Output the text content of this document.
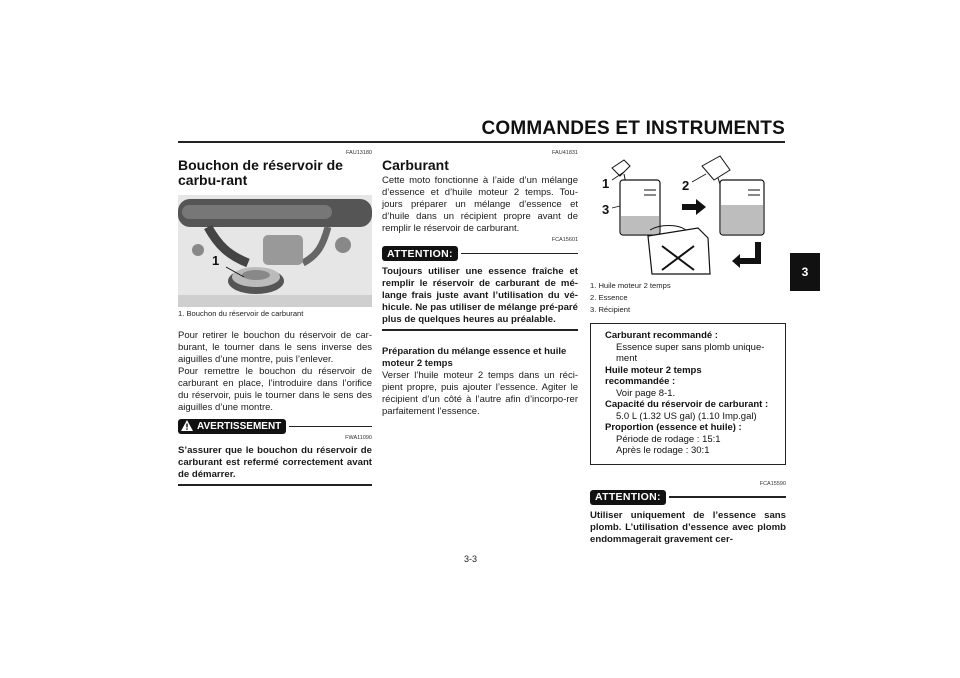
COMMANDES ET INSTRUMENTS
3
FAU13180
Bouchon de réservoir de carbu-rant
1
1. Bouchon du réservoir de carburant
Pour retirer le bouchon du réservoir de car-burant, le tourner dans le sens inverse des aiguilles d’une montre, puis l’enlever.
Pour remettre le bouchon du réservoir de carburant en place, l’introduire dans l’orifice du réservoir, puis le tourner dans le sens des aiguilles d’une montre.
AVERTISSEMENT
FWA11090
S’assurer que le bouchon du réservoir de carburant est refermé correctement avant de démarrer.
FAU41831
Carburant
Cette moto fonctionne à l’aide d’un mélange d’essence et d’huile moteur 2 temps. Tou-jours préparer un mélange d’essence et d’huile dans un récipient propre avant de remplir le réservoir de carburant.
FCA15601
ATTENTION:
Toujours utiliser une essence fraîche et remplir le réservoir de carburant de mé-lange frais juste avant l’utilisation du vé-hicule. Ne pas utiliser de mélange pré-paré plus de quelques heures au préalable.
Préparation du mélange essence et huile moteur 2 temps
Verser l’huile moteur 2 temps dans un réci-pient propre, puis ajouter l’essence. Agiter le récipient d’un côté à l’autre afin d’incorpo-rer parfaitement l’essence.
1	2
3
1. Huile moteur 2 temps
2. Essence
3. Récipient
Carburant recommandé :
Essence super sans plomb unique-ment
Huile moteur 2 temps recommandée :
Voir page 8-1.
Capacité du réservoir de carburant :
5.0 L (1.32 US gal) (1.10 Imp.gal)
Proportion (essence et huile) :
Période de rodage : 15:1
Après le rodage : 30:1
FCA15590
ATTENTION:
Utiliser uniquement de l’essence sans plomb. L’utilisation d’essence avec plomb endommagerait gravement cer-
3-3
